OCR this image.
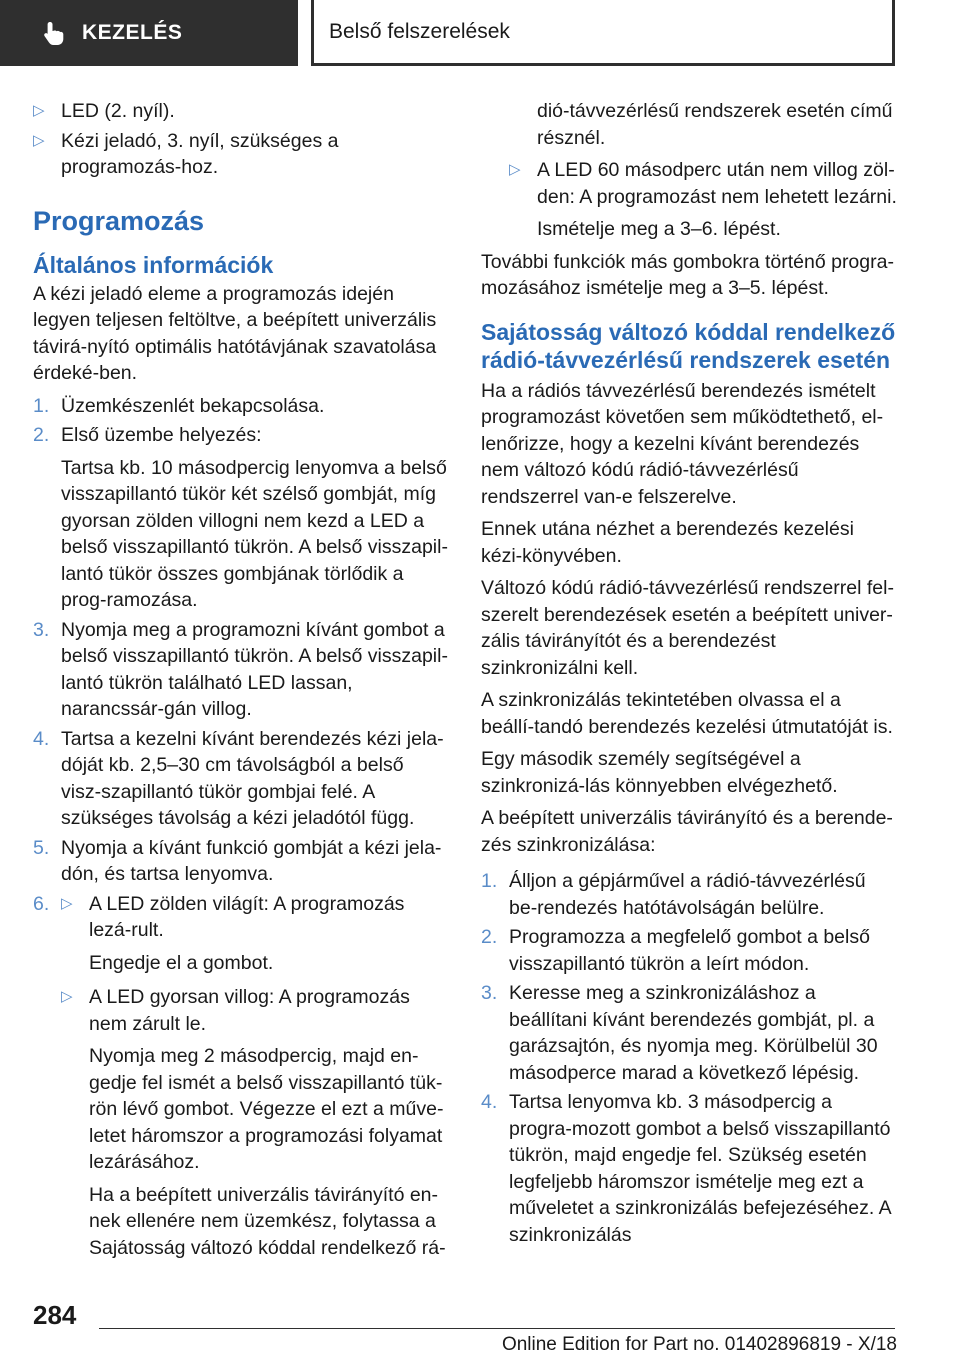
KEZELÉS	Belső felszerelések
▷ LED (2. nyíl).
▷ Kézi jeladó, 3. nyíl, szükséges a programozás-hoz.
Programozás
Általános információk

A kézi jeladó eleme a programozás idején legyen teljesen feltöltve, a beépített univerzális távirá-nyító optimális hatótávjának szavatolása érdeké-ben.

1. Üzemkészenlét bekapcsolása.
2. Első üzembe helyezés:
Tartsa kb. 10 másodpercig lenyomva a belső visszapillantó tükör két szélső gombját, míg gyorsan zölden villogni nem kezd a LED a belső visszapillantó tükrön. A belső visszapil-lantó tükör összes gombjának törlődik a prog-ramozása.
3. Nyomja meg a programozni kívánt gombot a belső visszapillantó tükrön. A belső visszapil-lantó tükrön található LED lassan, narancssár-gán villog.
4. Tartsa a kezelni kívánt berendezés kézi jela-dóját kb. 2,5–30 cm távolságból a belső visz-szapillantó tükör gombjai felé. A szükséges távolság a kézi jeladótól függ.
5. Nyomja a kívánt funkció gombját a kézi jela-dón, és tartsa lenyomva.
6.
▷	A LED zölden világít: A programozás lezá-rult.
Engedje el a gombot.
▷ A LED gyorsan villog: A programozás nem zárult le.
Nyomja meg 2 másodpercig, majd en-gedje fel ismét a belső visszapillantó tük-rön lévő gombot. Végezze el ezt a műve-letet háromszor a programozási folyamat lezárásához.
Ha a beépített univerzális távirányító en-nek ellenére nem üzemkész, folytassa a Sajátosság változó kóddal rendelkező rá-
dió-távvezérlésű rendszerek esetén című résznél.
▷ A LED 60 másodperc után nem villog zöl-den: A programozást nem lehetett lezárni.
Ismételje meg a 3–6. lépést.

További funkciók más gombokra történő progra-mozásához ismételje meg a 3–5. lépést.

Sajátosság változó kóddal rendelkező rádió-távvezérlésű rendszerek esetén

Ha a rádiós távvezérlésű berendezés ismételt programozást követően sem működtethető, el-lenőrizze, hogy a kezelni kívánt berendezés nem változó kódú rádió-távvezérlésű rendszerrel van-e felszerelve.

Ennek utána nézhet a berendezés kezelési kézi-könyvében.

Változó kódú rádió-távvezérlésű rendszerrel fel-szerelt berendezések esetén a beépített univer-zális távirányítót és a berendezést szinkronizálni kell.

A szinkronizálás tekintetében olvassa el a beállí-tandó berendezés kezelési útmutatóját is.

Egy második személy segítségével a szinkronizá-lás könnyebben elvégezhető.

A beépített univerzális távirányító és a berende-zés szinkronizálása:

1. Álljon a gépjárművel a rádió-távvezérlésű be-rendezés hatótávolságán belülre.
2. Programozza a megfelelő gombot a belső visszapillantó tükrön a leírt módon.
3. Keresse meg a szinkronizáláshoz a beállítani kívánt berendezés gombját, pl. a garázsajtón, és nyomja meg. Körülbelül 30 másodperce marad a következő lépésig.
4. Tartsa lenyomva kb. 3 másodpercig a progra-mozott gombot a belső visszapillantó tükrön, majd engedje fel. Szükség esetén legfeljebb háromszor ismételje meg ezt a műveletet a szinkronizálás befejezéséhez. A szinkronizálás
284
Online Edition for Part no. 01402896819 - X/18
